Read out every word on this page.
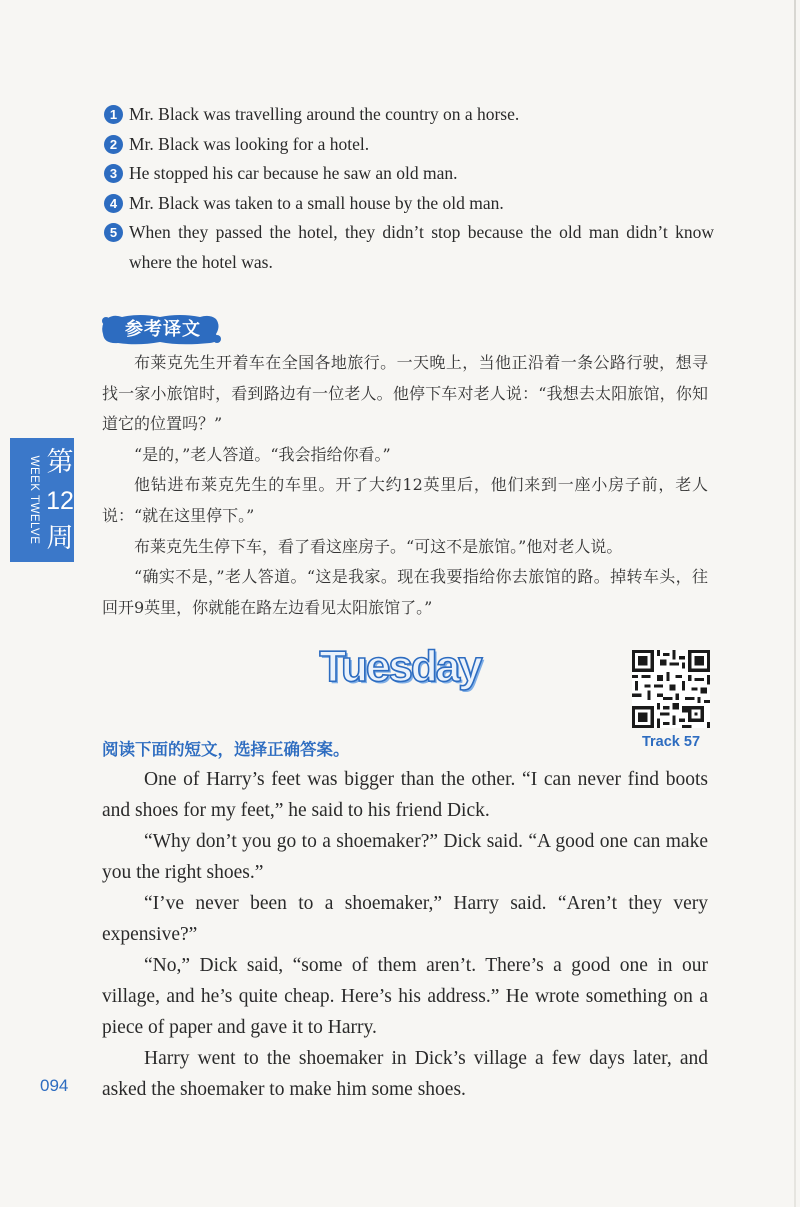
1 Mr. Black was travelling around the country on a horse.
2 Mr. Black was looking for a hotel.
3 He stopped his car because he saw an old man.
4 Mr. Black was taken to a small house by the old man.
5 When they passed the hotel, they didn’t stop because the old man didn’t know where the hotel was.
参考译文

布莱克先生开着车在全国各地旅行。一天晚上，当他正沿着一条公路行驶，想寻找一家小旅馆时，看到路边有一位老人。他停下车对老人说：“我想去太阳旅馆，你知道它的位置吗？”

“是的，”老人答道。“我会指给你看。”

他钻进布莱克先生的车里。开了大约12英里后，他们来到一座小房子前，老人说：“就在这里停下。”

布莱克先生停下车，看了看这座房子。“可这不是旅馆。”他对老人说。

“确实不是，”老人答道。“这是我家。现在我要指给你去旅馆的路。掉转车头，往回开9英里，你就能在路左边看见太阳旅馆了。”

WEEK TWELVE 第
12
周
Tuesday
Track 57
阅读下面的短文，选择正确答案。

One of Harry’s feet was bigger than the other. “I can never find boots and shoes for my feet,” he said to his friend Dick.

“Why don’t you go to a shoemaker?” Dick said. “A good one can make you the right shoes.”

“I’ve never been to a shoemaker,” Harry said. “Aren’t they very expensive?”

“No,” Dick said, “some of them aren’t. There’s a good one in our village, and he’s quite cheap. Here’s his address.” He wrote something on a piece of paper and gave it to Harry.

Harry went to the shoemaker in Dick’s village a few days later, and asked the shoemaker to make him some shoes.

094
